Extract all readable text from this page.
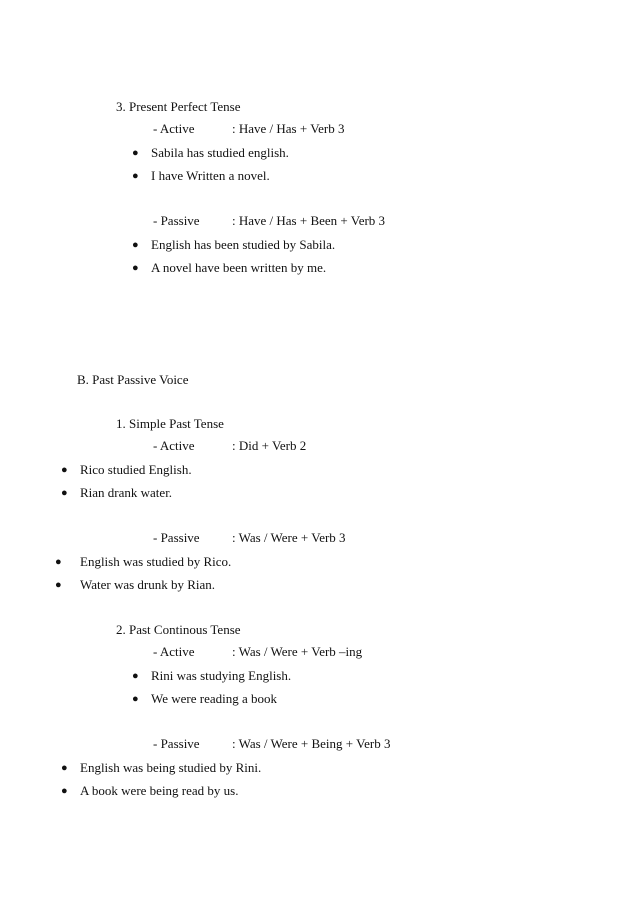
3. Present Perfect Tense
- Active	: Have / Has + Verb 3
● Sabila has studied english.
● I have Written a novel.
- Passive : Have / Has + Been + Verb 3
● English has been studied by Sabila.
● A novel have been written by me.
B. Past Passive Voice
1. Simple Past Tense
- Active	: Did + Verb 2
● Rico studied English.
● Rian drank water.
- Passive : Was / Were + Verb 3
● English was studied by Rico.
● Water was drunk by Rian.
2. Past Continous Tense
- Active	: Was / Were + Verb –ing
● Rini was studying English.
● We were reading a book
- Passive : Was / Were + Being + Verb 3
● English was being studied by Rini.
● A book were being read by us.
